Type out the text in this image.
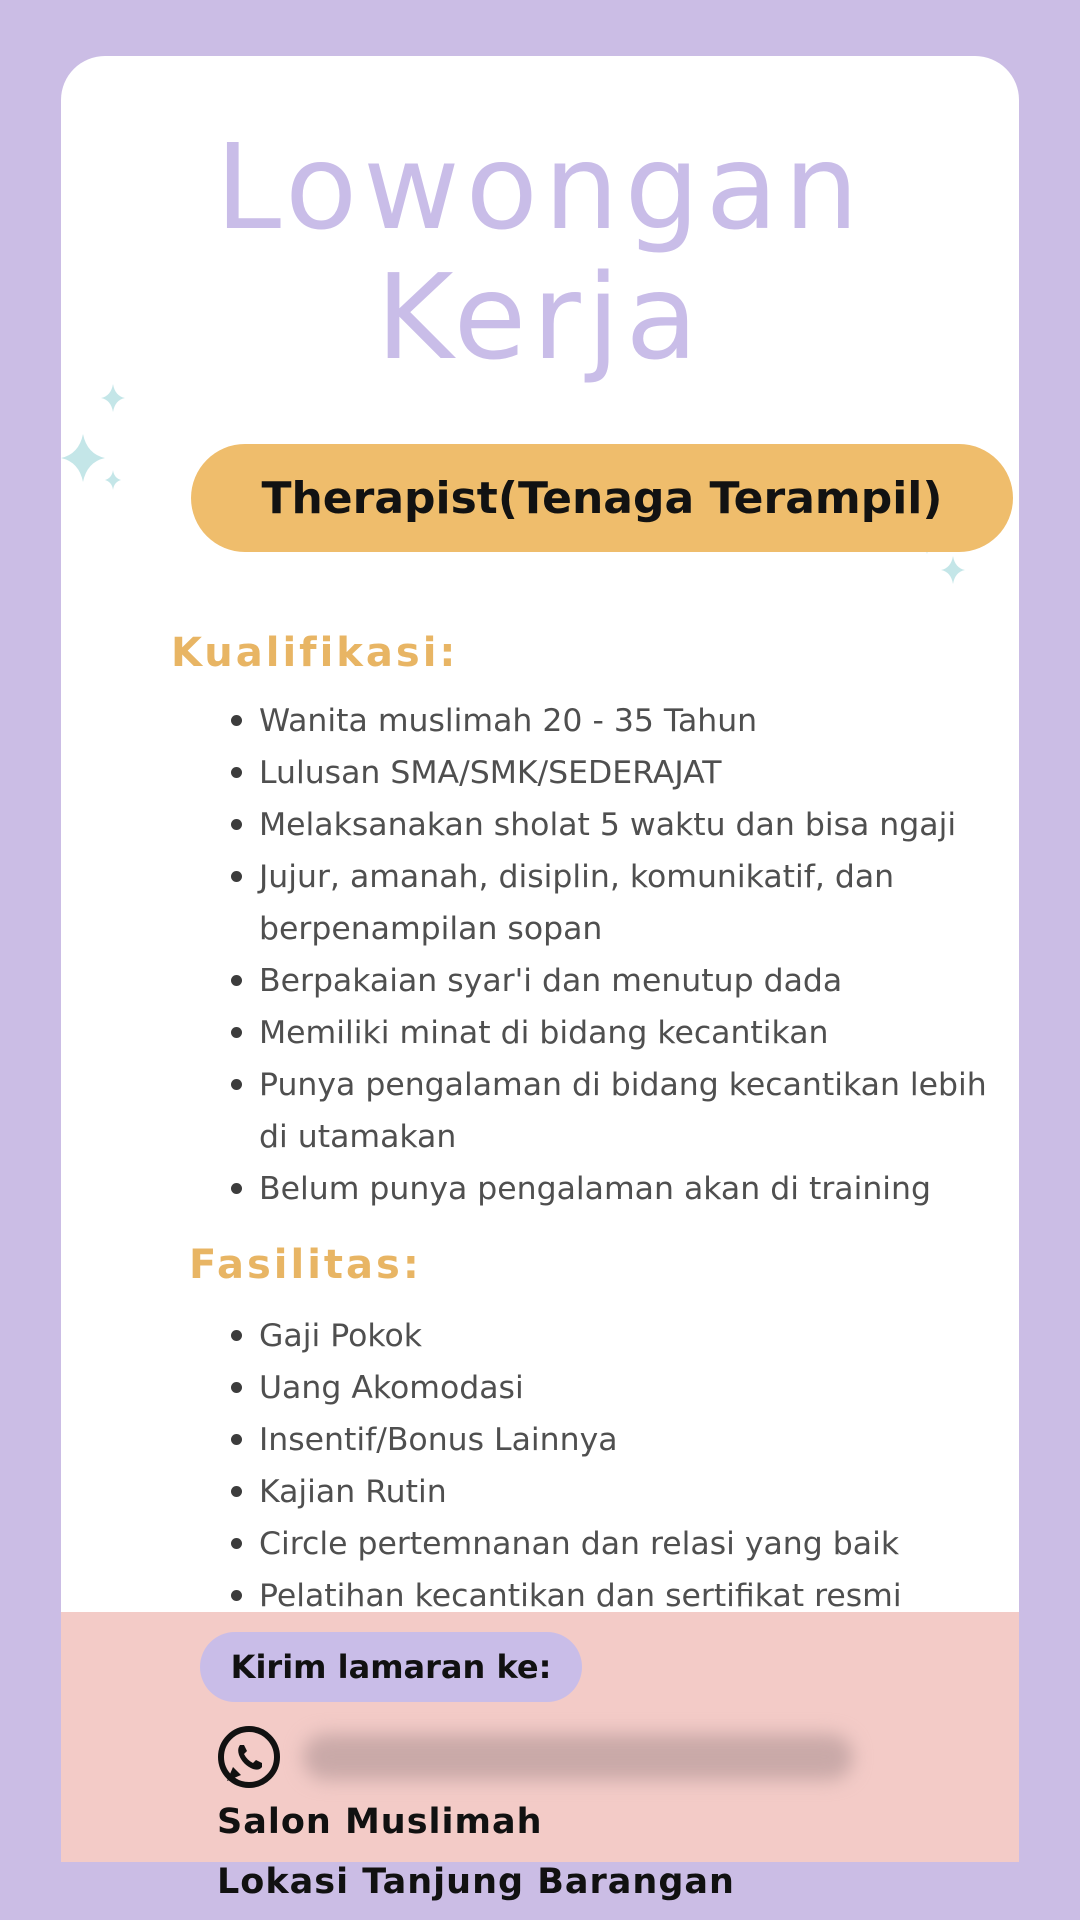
Lowongan
Kerja
Therapist(Tenaga Terampil)
Kualifikasi:
Wanita muslimah 20 - 35 Tahun
Lulusan SMA/SMK/SEDERAJAT
Melaksanakan sholat 5 waktu dan bisa ngaji
Jujur, amanah, disiplin, komunikatif, dan berpenampilan sopan
Berpakaian syar'i dan menutup dada
Memiliki minat di bidang kecantikan
Punya pengalaman di bidang kecantikan lebih di utamakan
Belum punya pengalaman akan di training
Fasilitas:
Gaji Pokok
Uang Akomodasi
Insentif/Bonus Lainnya
Kajian Rutin
Circle pertemnanan dan relasi yang baik
Pelatihan kecantikan dan sertifikat resmi
Kirim lamaran ke:
Salon Muslimah
Lokasi Tanjung Barangan
